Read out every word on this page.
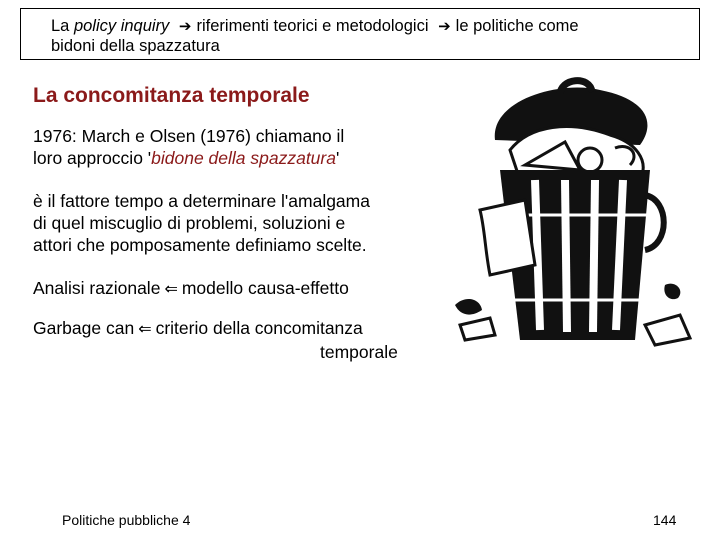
La policy inquiry ➔ riferimenti teorici e metodologici ➔ le politiche come
bidoni della spazzatura
La concomitanza temporale
1976: March e Olsen (1976) chiamano il
loro approccio 'bidone della spazzatura'
è il fattore tempo a determinare l'amalgama
di quel miscuglio di problemi, soluzioni e
attori che pomposamente definiamo scelte.
Analisi razionale ⇐ modello causa-effetto
Garbage can ⇐ criterio della concomitanza
temporale
Politiche pubbliche 4	144
